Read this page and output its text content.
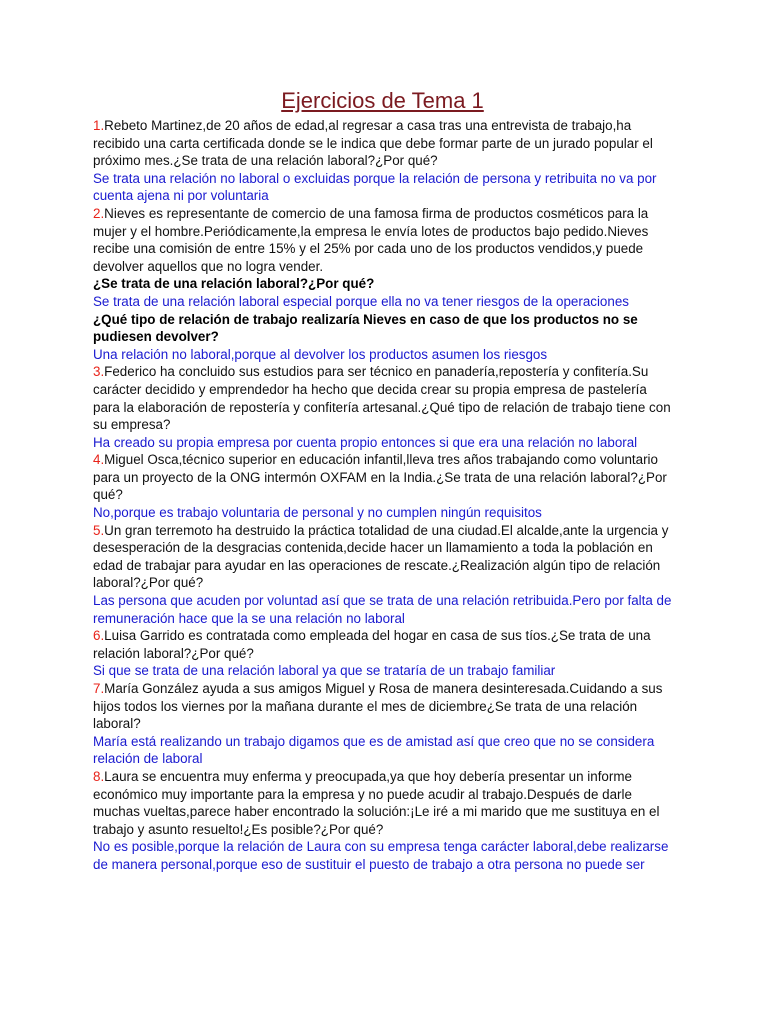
Ejercicios de Tema 1

1.Rebeto Martinez,de 20 años de edad,al regresar a casa tras una entrevista de trabajo,ha recibido una carta certificada donde se le indica que debe formar parte de un jurado popular el próximo mes.¿Se trata de una relación laboral?¿Por qué?

Se trata una relación no laboral o excluidas porque la relación de persona y retribuita no va por cuenta ajena ni por voluntaria

2.Nieves es representante de comercio de una famosa firma de productos cosméticos para la mujer y el hombre.Periódicamente,la empresa le envía lotes de productos bajo pedido.Nieves recibe una comisión de entre 15% y el 25% por cada uno de los productos vendidos,y puede devolver aquellos que no logra vender.

¿Se trata de una relación laboral?¿Por qué?

Se trata de una relación laboral especial porque ella no va tener riesgos de la operaciones

¿Qué tipo de relación de trabajo realizaría Nieves en caso de que los productos no se pudiesen devolver?

Una relación no laboral,porque al devolver los productos asumen los riesgos

3.Federico ha concluido sus estudios para ser técnico en panadería,repostería y confitería.Su carácter decidido y emprendedor ha hecho que decida crear su propia empresa de pastelería para la elaboración de repostería y confitería artesanal.¿Qué tipo de relación de trabajo tiene con su empresa?

Ha creado su propia empresa por cuenta propio entonces si que era una relación no laboral

4.Miguel Osca,técnico superior en educación infantil,lleva tres años trabajando como voluntario para un proyecto de la ONG intermón OXFAM en la India.¿Se trata de una relación laboral?¿Por qué?

No,porque es trabajo voluntaria de personal y no cumplen ningún requisitos

5.Un gran terremoto ha destruido la práctica totalidad de una ciudad.El alcalde,ante la urgencia y desesperación de la desgracias contenida,decide hacer un llamamiento a toda la población en edad de trabajar para ayudar en las operaciones de rescate.¿Realización algún tipo de relación laboral?¿Por qué?

Las persona que acuden por voluntad así que se trata de una relación retribuida.Pero por falta de remuneración hace que la se una relación no laboral

6.Luisa Garrido es contratada como empleada del hogar en casa de sus tíos.¿Se trata de una relación laboral?¿Por qué?

Si que se trata de una relación laboral ya que se trataría de un trabajo familiar

7.María González ayuda a sus amigos Miguel y Rosa de manera desinteresada.Cuidando a sus hijos todos los viernes por la mañana durante el mes de diciembre¿Se trata de una relación laboral?

María está realizando un trabajo digamos que es de amistad así que creo que no se considera relación de laboral

8.Laura se encuentra muy enferma y preocupada,ya que hoy debería presentar un informe económico muy importante para la empresa y no puede acudir al trabajo.Después de darle muchas vueltas,parece haber encontrado la solución:¡Le iré a mi marido que me sustituya en el trabajo y asunto resuelto!¿Es posible?¿Por qué?

No es posible,porque la relación de Laura con su empresa tenga carácter laboral,debe realizarse de manera personal,porque eso de sustituir el puesto de trabajo a otra persona no puede ser
